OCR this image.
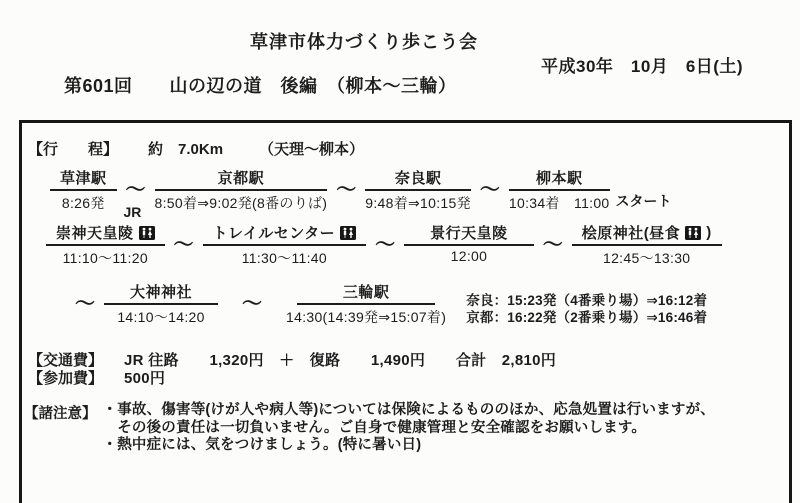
草津市体力づくり歩こう会
平成30年　10月　6日(土)
第601回　　山の辺の道　後編　（柳本～三輪）
【行　　程】 約　7.0Km （天理～柳本）
草津駅
8:26発
～
JR
京都駅
8:50着⇒9:02発(8番のりば)
～	奈良駅
9:48着⇒10:15発
～ 柳本駅
10:34着　11:00 スタート
崇神天皇陵
11:10～11:20
～ トレイルセンター
11:30～11:40
～ 景行天皇陵
12:00
～ 桧原神社(昼食 )
12:45～13:30
～ 大神神社
14:10～14:20
～	三輪駅
14:30(14:39発⇒15:07着)
奈良：15:23発（4番乗り場）⇒16:12着
京都：16:22発（2番乗り場）⇒16:46着
【交通費】	JR 往路　　1,320円　＋　復路　　1,490円　　合計　2,810円
【参加費】	500円
【諸注意】 ・事故、傷害等(けが人や病人等)については保険によるもののほか、応急処置は行いますが、
　その後の責任は一切負いません。ご自身で健康管理と安全確認をお願いします。
・熱中症には、気をつけましょう。(特に暑い日)
